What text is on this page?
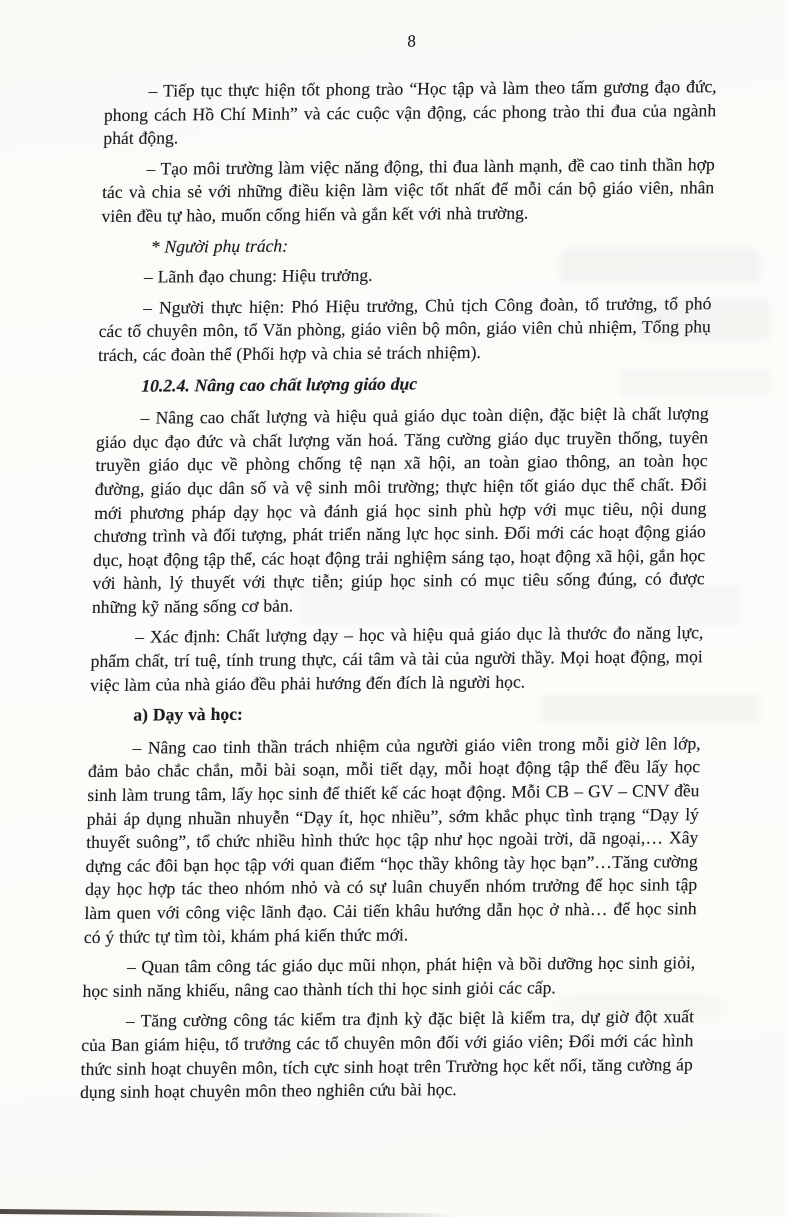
8

– Tiếp tục thực hiện tốt phong trào “Học tập và làm theo tấm gương đạo đức, phong cách Hồ Chí Minh” và các cuộc vận động, các phong trào thi đua của ngành phát động.

– Tạo môi trường làm việc năng động, thi đua lành mạnh, đề cao tinh thần hợp tác và chia sẻ với những điều kiện làm việc tốt nhất để mỗi cán bộ giáo viên, nhân viên đều tự hào, muốn cống hiến và gắn kết với nhà trường.

* Người phụ trách:

– Lãnh đạo chung: Hiệu trưởng.

– Người thực hiện: Phó Hiệu trưởng, Chủ tịch Công đoàn, tổ trưởng, tổ phó các tổ chuyên môn, tổ Văn phòng, giáo viên bộ môn, giáo viên chủ nhiệm, Tổng phụ trách, các đoàn thể (Phối hợp và chia sẻ trách nhiệm).

10.2.4. Nâng cao chất lượng giáo dục

– Nâng cao chất lượng và hiệu quả giáo dục toàn diện, đặc biệt là chất lượng giáo dục đạo đức và chất lượng văn hoá. Tăng cường giáo dục truyền thống, tuyên truyền giáo dục về phòng chống tệ nạn xã hội, an toàn giao thông, an toàn học đường, giáo dục dân số và vệ sinh môi trường; thực hiện tốt giáo dục thể chất. Đổi mới phương pháp dạy học và đánh giá học sinh phù hợp với mục tiêu, nội dung chương trình và đối tượng, phát triển năng lực học sinh. Đổi mới các hoạt động giáo dục, hoạt động tập thể, các hoạt động trải nghiệm sáng tạo, hoạt động xã hội, gắn học với hành, lý thuyết với thực tiễn; giúp học sinh có mục tiêu sống đúng, có được những kỹ năng sống cơ bản.

– Xác định: Chất lượng dạy – học và hiệu quả giáo dục là thước đo năng lực, phẩm chất, trí tuệ, tính trung thực, cái tâm và tài của người thầy. Mọi hoạt động, mọi việc làm của nhà giáo đều phải hướng đến đích là người học.

a) Dạy và học:

– Nâng cao tinh thần trách nhiệm của người giáo viên trong mỗi giờ lên lớp, đảm bảo chắc chắn, mỗi bài soạn, mỗi tiết dạy, mỗi hoạt động tập thể đều lấy học sinh làm trung tâm, lấy học sinh để thiết kế các hoạt động. Mỗi CB – GV – CNV đều phải áp dụng nhuần nhuyễn “Dạy ít, học nhiều”, sớm khắc phục tình trạng “Dạy lý thuyết suông”, tổ chức nhiều hình thức học tập như học ngoài trời, dã ngoại,… Xây dựng các đôi bạn học tập với quan điểm “học thầy không tày học bạn”…Tăng cường dạy học hợp tác theo nhóm nhỏ và có sự luân chuyển nhóm trưởng để học sinh tập làm quen với công việc lãnh đạo. Cải tiến khâu hướng dẫn học ở nhà… để học sinh có ý thức tự tìm tòi, khám phá kiến thức mới.

– Quan tâm công tác giáo dục mũi nhọn, phát hiện và bồi dưỡng học sinh giỏi, học sinh năng khiếu, nâng cao thành tích thi học sinh giỏi các cấp.

– Tăng cường công tác kiểm tra định kỳ đặc biệt là kiểm tra, dự giờ đột xuất của Ban giám hiệu, tổ trưởng các tổ chuyên môn đối với giáo viên; Đổi mới các hình thức sinh hoạt chuyên môn, tích cực sinh hoạt trên Trường học kết nối, tăng cường áp dụng sinh hoạt chuyên môn theo nghiên cứu bài học.
